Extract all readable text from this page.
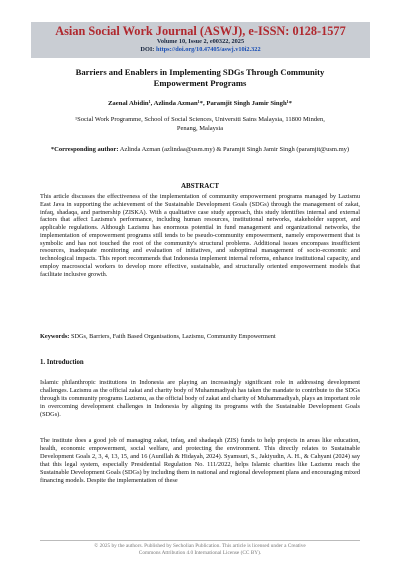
Asian Social Work Journal (ASWJ), e-ISSN: 0128-1577
Volume 10, Issue 2, e00322, 2025
DOI: https://doi.org/10.47405/aswj.v10i2.322
Barriers and Enablers in Implementing SDGs Through Community
Empowerment Programs
Zaenal Abidin¹, Azlinda Azman¹*, Paramjit Singh Jamir Singh¹*
¹Social Work Programme, School of Social Sciences, Universiti Sains Malaysia, 11800 Minden,
Penang, Malaysia
*Corresponding author: Azlinda Azman (azlindaa@usm.my) & Paramjit Singh Jamir Singh (paramjit@usm.my)
ABSTRACT
This article discusses the effectiveness of the implementation of community empowerment programs managed by Lazismu East Java in supporting the achievement of the Sustainable Development Goals (SDGs) through the management of zakat, infaq, shadaqa, and partnership (ZISKA). With a qualitative case study approach, this study identifies internal and external factors that affect Lazismu's performance, including human resources, institutional networks, stakeholder support, and applicable regulations. Although Lazismu has enormous potential in fund management and organizational networks, the implementation of empowerment programs still tends to be pseudo-community empowerment, namely empowerment that is symbolic and has not touched the root of the community's structural problems. Additional issues encompass insufficient resources, inadequate monitoring and evaluation of initiatives, and suboptimal management of socio-economic and technological impacts. This report recommends that Indonesia implement internal reforms, enhance institutional capacity, and employ macrosocial workers to develop more effective, sustainable, and structurally oriented empowerment models that facilitate inclusive growth.
Keywords: SDGs, Barriers, Faith Based Organisations, Lazismu, Community Empowerment
1. Introduction
Islamic philanthropic institutions in Indonesia are playing an increasingly significant role in addressing development challenges. Lazismu as the official zakat and charity body of Muhammadiyah has taken the mandate to contribute to the SDGs through its community programs Lazismu, as the official body of zakat and charity of Muhammadiyah, plays an important role in overcoming development challenges in Indonesia by aligning its programs with the Sustainable Development Goals (SDGs).
The institute does a good job of managing zakat, infaq, and shadaqah (ZIS) funds to help projects in areas like education, health, economic empowerment, social welfare, and protecting the environment. This directly relates to Sustainable Development Goals 2, 3, 4, 13, 15, and 16 (Aunillah & Hidayah, 2024). Syamsuri, S., Jakiyudin, A. H., & Cahyani (2024) say that this legal system, especially Presidential Regulation No. 111/2022, helps Islamic charities like Lazismu reach the Sustainable Development Goals (SDGs) by including them in national and regional development plans and encouraging mixed financing models. Despite the implementation of these
© 2025 by the authors. Published by Secholian Publication. This article is licensed under a Creative
Commons Attribution 4.0 International License (CC BY).
